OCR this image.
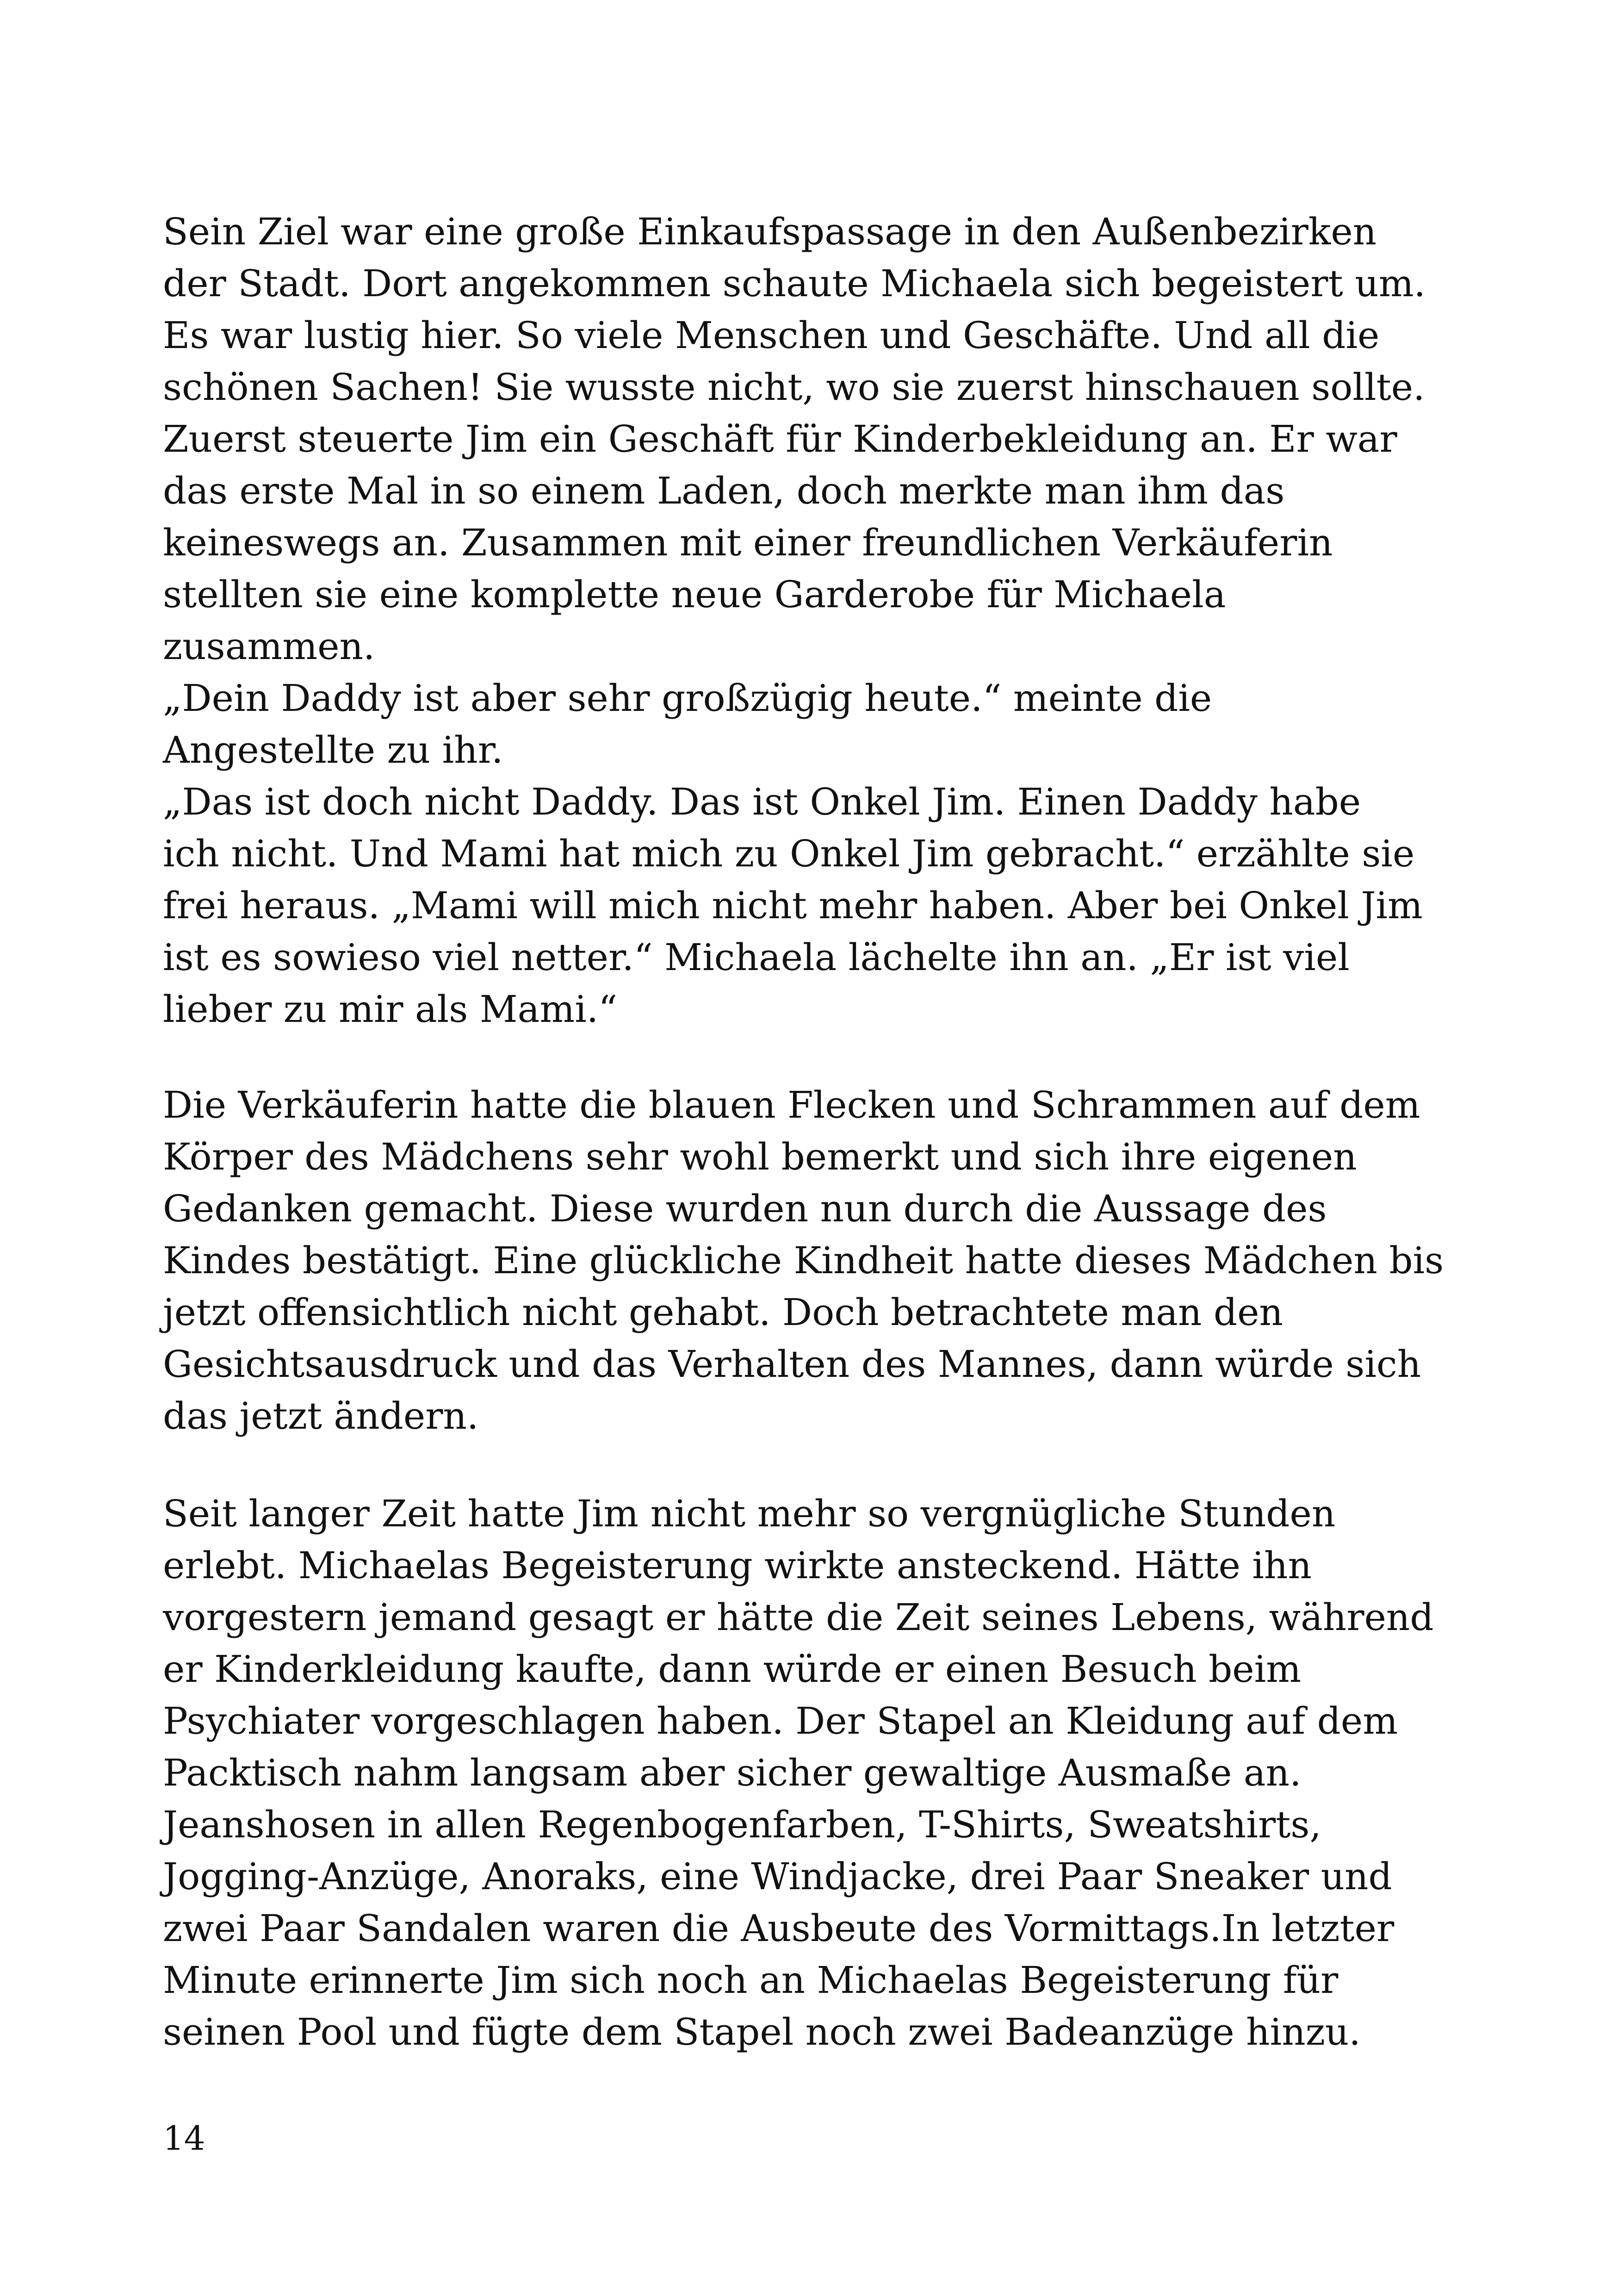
Sein Ziel war eine große Einkaufspassage in den Außenbezirken
der Stadt. Dort angekommen schaute Michaela sich begeistert um.
Es war lustig hier. So viele Menschen und Geschäfte. Und all die
schönen Sachen! Sie wusste nicht, wo sie zuerst hinschauen sollte.
Zuerst steuerte Jim ein Geschäft für Kinderbekleidung an. Er war
das erste Mal in so einem Laden, doch merkte man ihm das
keineswegs an. Zusammen mit einer freundlichen Verkäuferin
stellten sie eine komplette neue Garderobe für Michaela
zusammen.
„Dein Daddy ist aber sehr großzügig heute.“ meinte die
Angestellte zu ihr.
„Das ist doch nicht Daddy. Das ist Onkel Jim. Einen Daddy habe
ich nicht. Und Mami hat mich zu Onkel Jim gebracht.“ erzählte sie
frei heraus. „Mami will mich nicht mehr haben. Aber bei Onkel Jim
ist es sowieso viel netter.“ Michaela lächelte ihn an. „Er ist viel
lieber zu mir als Mami.“
Die Verkäuferin hatte die blauen Flecken und Schrammen auf dem
Körper des Mädchens sehr wohl bemerkt und sich ihre eigenen
Gedanken gemacht. Diese wurden nun durch die Aussage des
Kindes bestätigt. Eine glückliche Kindheit hatte dieses Mädchen bis
jetzt offensichtlich nicht gehabt. Doch betrachtete man den
Gesichtsausdruck und das Verhalten des Mannes, dann würde sich
das jetzt ändern.
Seit langer Zeit hatte Jim nicht mehr so vergnügliche Stunden
erlebt. Michaelas Begeisterung wirkte ansteckend. Hätte ihn
vorgestern jemand gesagt er hätte die Zeit seines Lebens, während
er Kinderkleidung kaufte, dann würde er einen Besuch beim
Psychiater vorgeschlagen haben. Der Stapel an Kleidung auf dem
Packtisch nahm langsam aber sicher gewaltige Ausmaße an.
Jeanshosen in allen Regenbogenfarben, T-Shirts, Sweatshirts,
Jogging-Anzüge, Anoraks, eine Windjacke, drei Paar Sneaker und
zwei Paar Sandalen waren die Ausbeute des Vormittags.In letzter
Minute erinnerte Jim sich noch an Michaelas Begeisterung für
seinen Pool und fügte dem Stapel noch zwei Badeanzüge hinzu.
14
